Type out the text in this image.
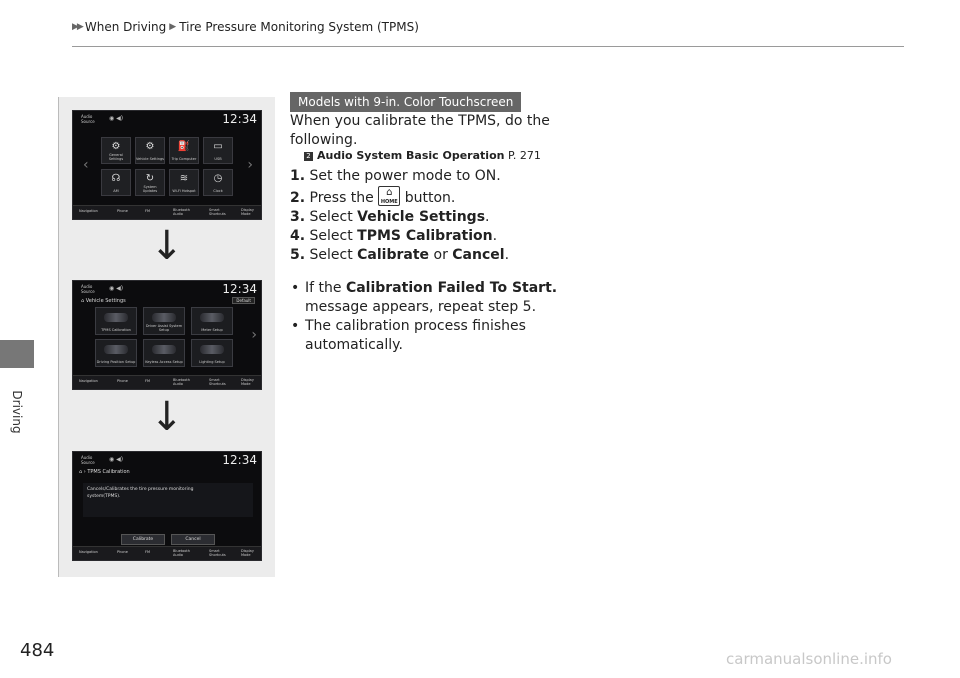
▶▶ When Driving ▶ Tire Pressure Monitoring System (TPMS)
Driving
484
Audio Source	◉ ◀)	12:34
‹	›
⚙
General Settings
⚙
Vehicle Settings
⛽
Trip Computer
▭
USB
☊
AM
↻
System Updates
≋
Wi-Fi Hotspot
◷
Clock
Navigation	Phone	FM	Bluetooth Audio
Smart Shortcuts
Display Mode
↓
Audio Source	◉ ◀)	12:34
⌂ Vehicle Settings	Default
›
TPMS Calibration
Driver Assist System Setup	Meter Setup
Driving Position Setup	Keyless Access Setup	Lighting Setup
Navigation	Phone	FM	Bluetooth Audio
Smart Shortcuts
Display Mode
↓
Audio Source	◉ ◀)	12:34
⌂ › TPMS Calibration
Cancels/Calibrates the tire pressure monitoring
system(TPMS).
Calibrate	Cancel
Navigation	Phone	FM	Bluetooth Audio
Smart Shortcuts
Display Mode
Models with 9-in. Color Touchscreen
When you calibrate the TPMS, do the
following.
2 Audio System Basic Operation P. 271
1. Set the power mode to ON.
2. Press the	⌂
HOME button.
3. Select Vehicle Settings.
4. Select TPMS Calibration.
5. Select Calibrate or Cancel.
• If the Calibration Failed To Start.
message appears, repeat step 5.
• The calibration process finishes
automatically.
carmanualsonline.info
